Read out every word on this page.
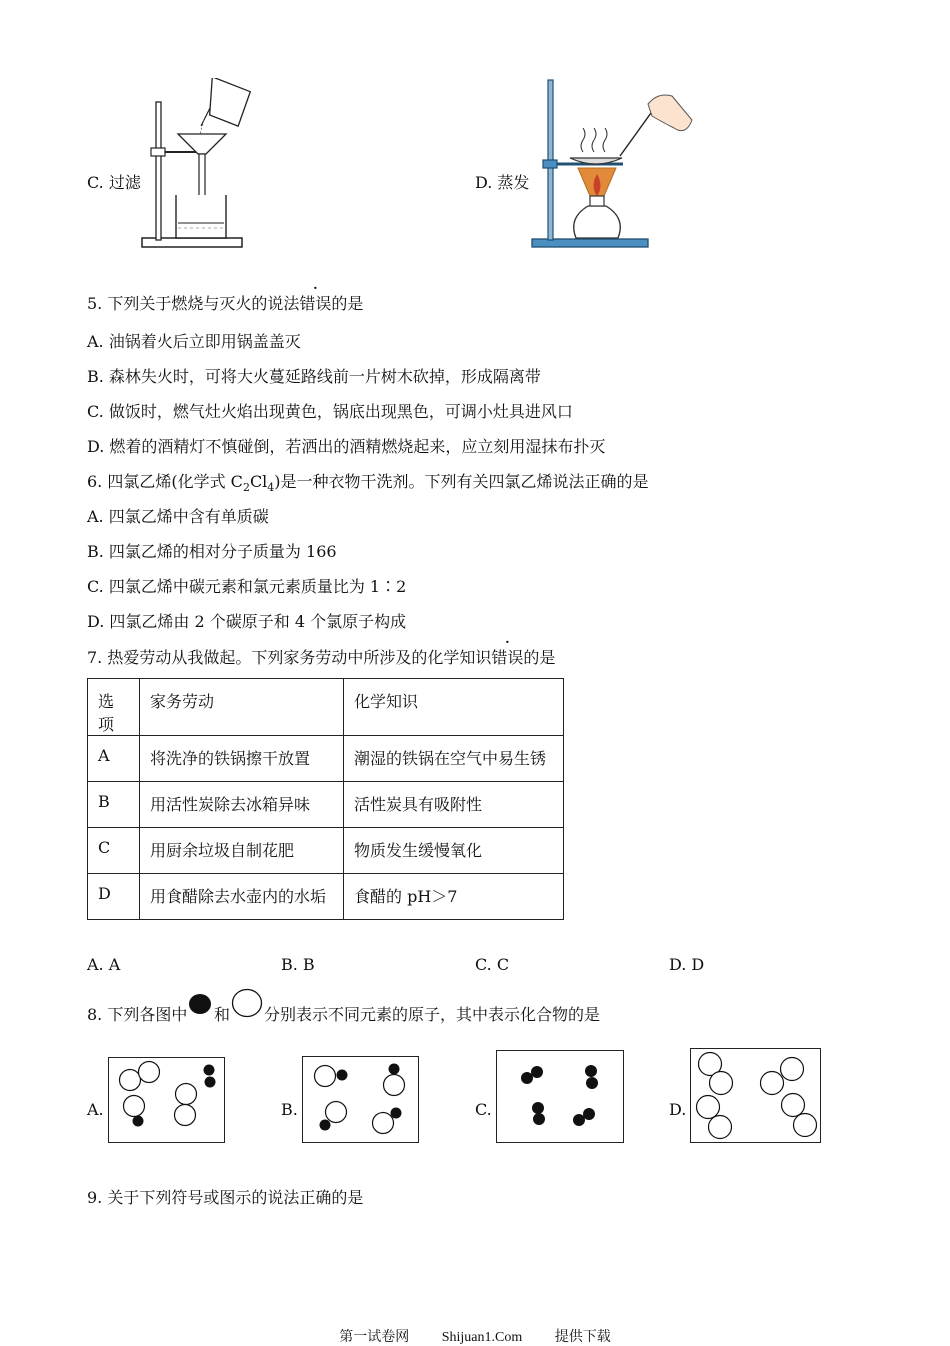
C. 过滤	D. 蒸发
5. 下列关于燃烧与灭火的说法错误的是
A. 油锅着火后立即用锅盖盖灭
B. 森林失火时，可将大火蔓延路线前一片树木砍掉，形成隔离带
C. 做饭时，燃气灶火焰出现黄色，锅底出现黑色，可调小灶具进风口
D. 燃着的酒精灯不慎碰倒，若洒出的酒精燃烧起来，应立刻用湿抹布扑灭
6. 四氯乙烯(化学式 $C_2Cl_4$)是一种衣物干洗剂。下列有关四氯乙烯说法正确的是
A. 四氯乙烯中含有单质碳
B. 四氯乙烯的相对分子质量为 166
C. 四氯乙烯中碳元素和氯元素质量比为 1∶2
D. 四氯乙烯由 2 个碳原子和 4 个氯原子构成
7. 热爱劳动从我做起。下列家务劳动中所涉及的化学知识错误的是
选项	家务劳动	化学知识
A	将洗净的铁锅擦干放置	潮湿的铁锅在空气中易生锈
B	用活性炭除去冰箱异味	活性炭具有吸附性
C	用厨余垃圾自制花肥	物质发生缓慢氧化
D	用食醋除去水壶内的水垢	食醋的 pH＞7
A. A	B. B	C. C	D. D
8. 下列各图中 和 分别表示不同元素的原子，其中表示化合物的是
A.	B.	C.	D.
9. 关于下列符号或图示的说法正确的是
第一试卷网 Shijuan1.Com 提供下载
